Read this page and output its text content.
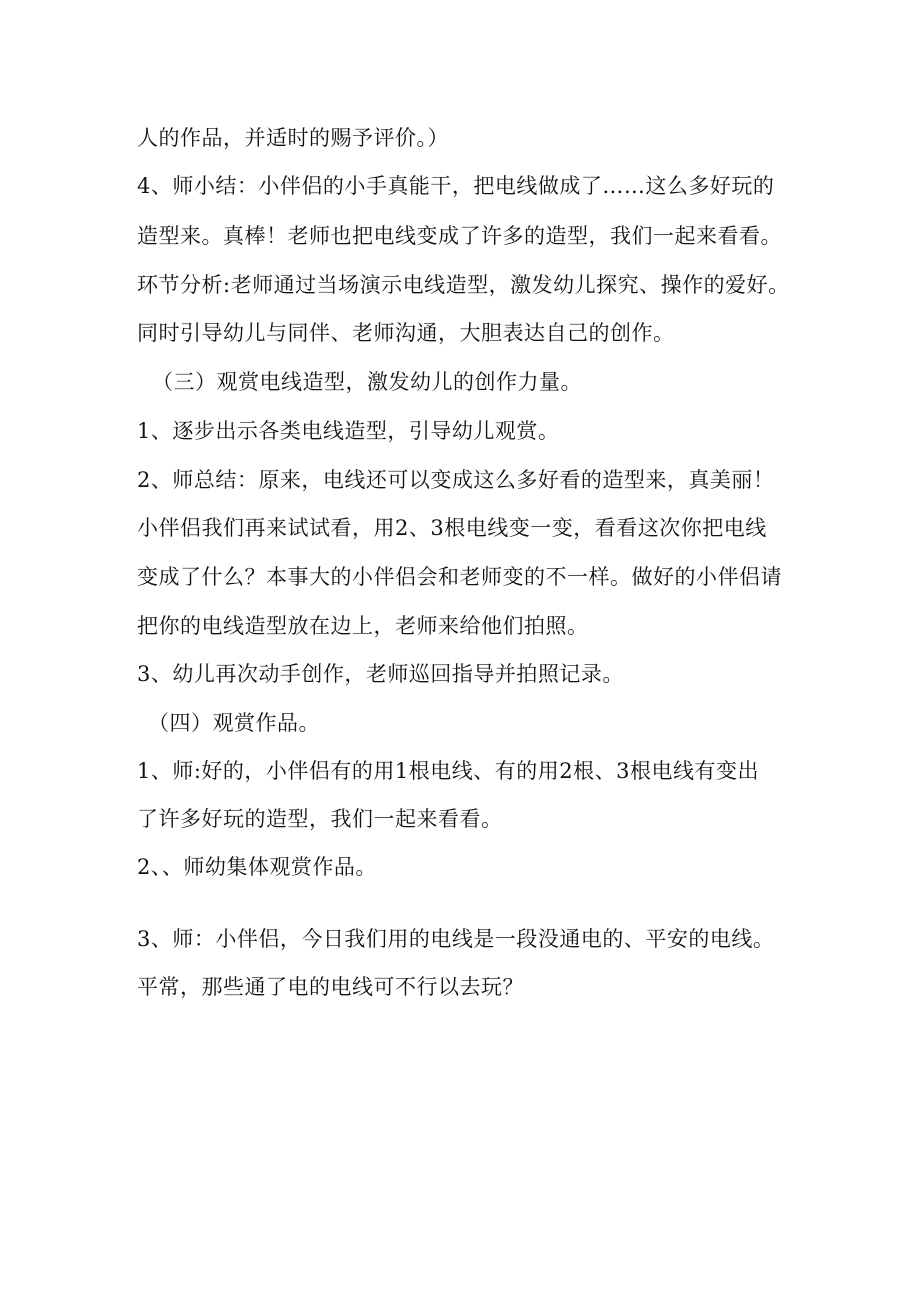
人的作品，并适时的赐予评价。）
4、师小结：小伴侣的小手真能干，把电线做成了……这么多好玩的
造型来。真棒！老师也把电线变成了许多的造型，我们一起来看看。
环节分析:老师通过当场演示电线造型，激发幼儿探究、操作的爱好。
同时引导幼儿与同伴、老师沟通，大胆表达自己的创作。
（三）观赏电线造型，激发幼儿的创作力量。
1、逐步出示各类电线造型，引导幼儿观赏。
2、师总结：原来，电线还可以变成这么多好看的造型来，真美丽！
小伴侣我们再来试试看，用2、3根电线变一变，看看这次你把电线
变成了什么？本事大的小伴侣会和老师变的不一样。做好的小伴侣请
把你的电线造型放在边上，老师来给他们拍照。
3、幼儿再次动手创作，老师巡回指导并拍照记录。
（四）观赏作品。
1、师:好的，小伴侣有的用1根电线、有的用2根、3根电线有变出
了许多好玩的造型，我们一起来看看。
2、、师幼集体观赏作品。
3、师：小伴侣，今日我们用的电线是一段没通电的、平安的电线。
平常，那些通了电的电线可不行以去玩？
